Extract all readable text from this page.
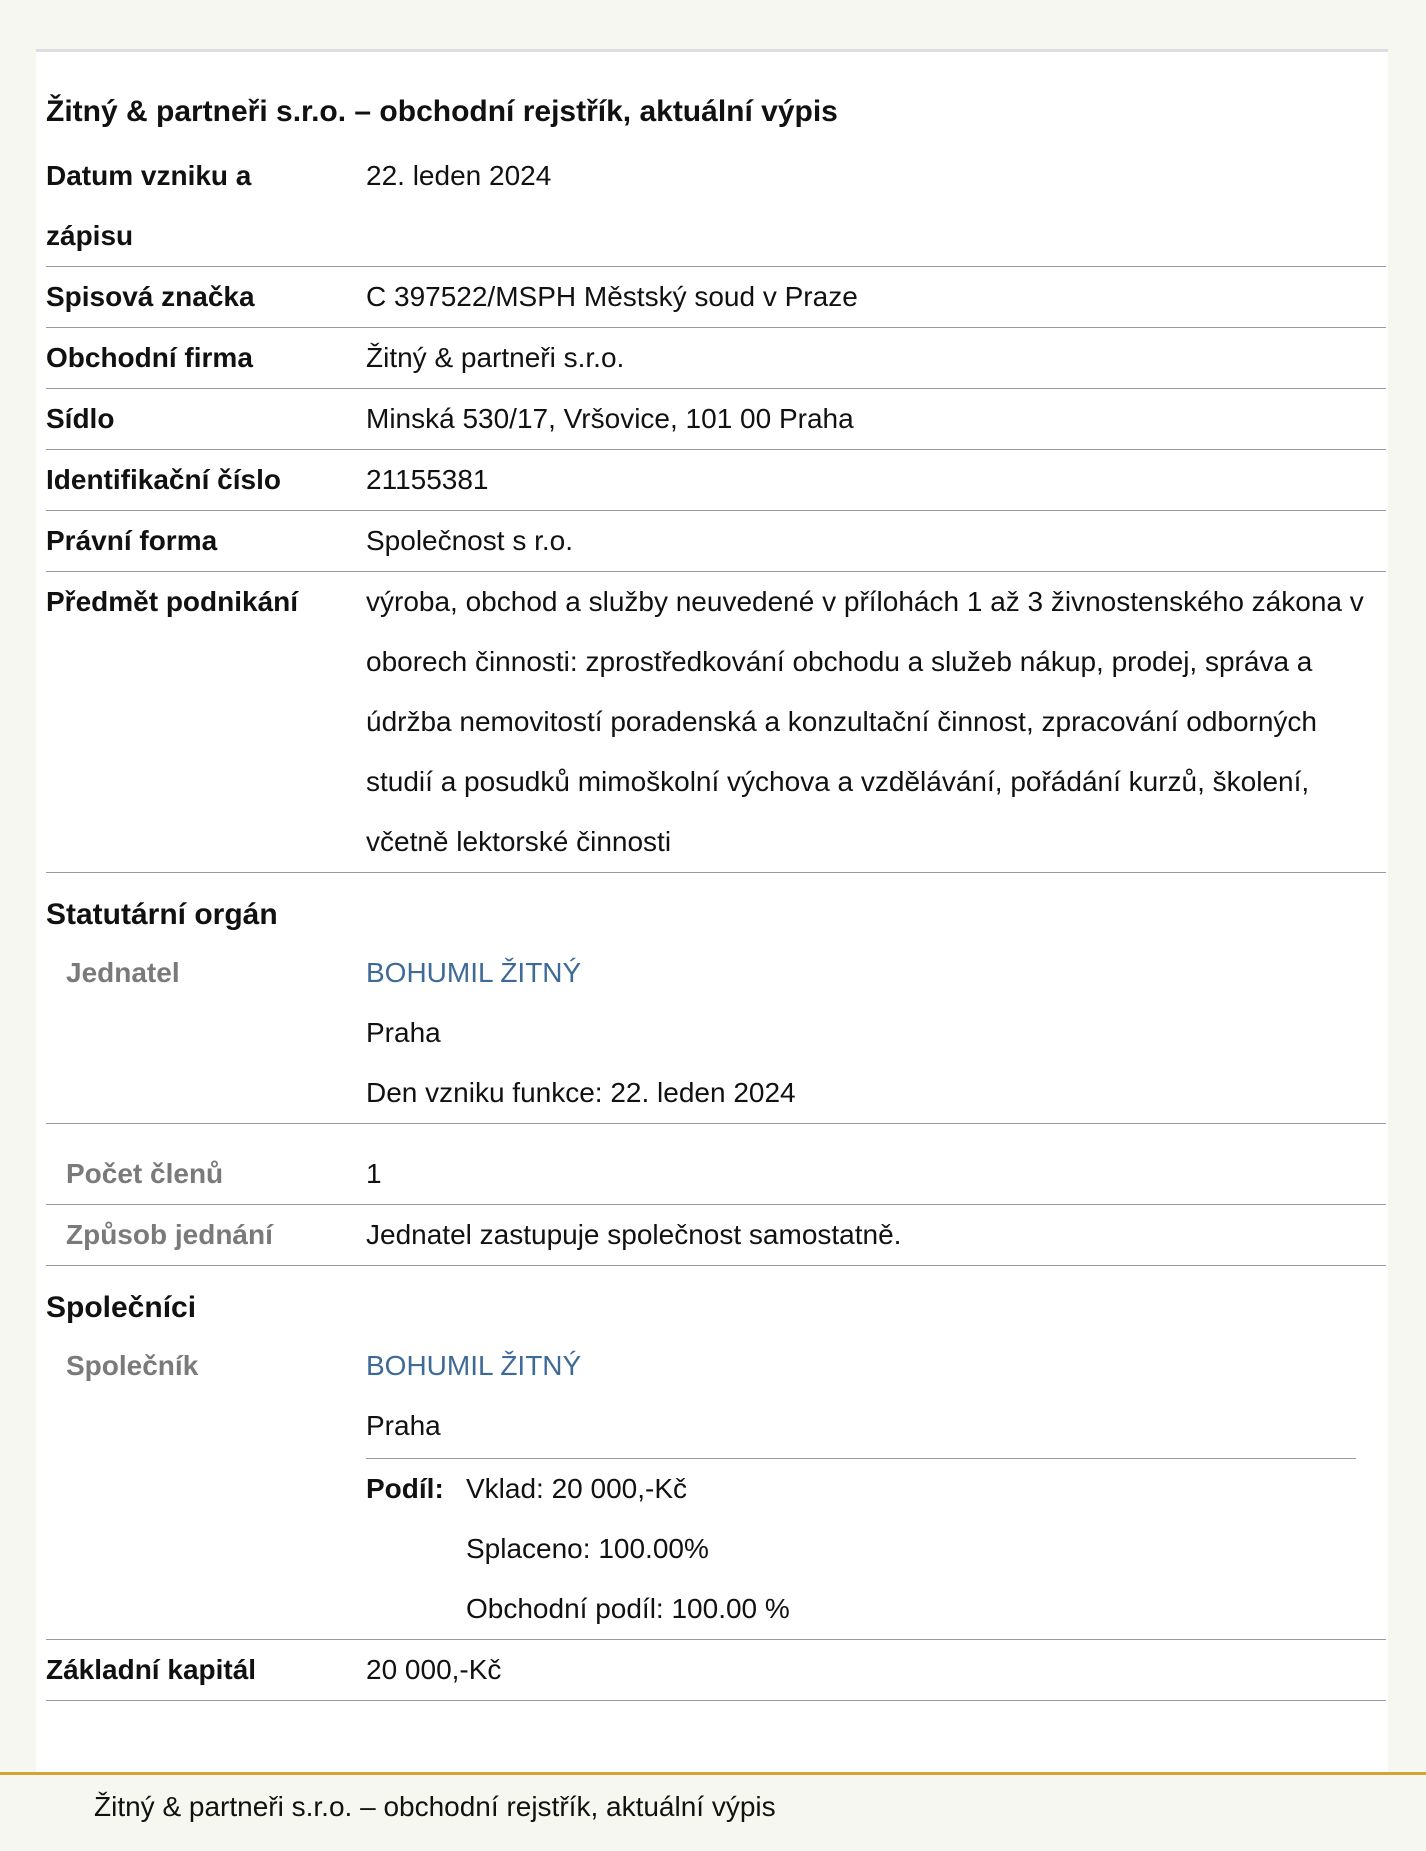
Žitný & partneři s.r.o. – obchodní rejstřík, aktuální výpis
Datum vzniku a zápisu
22. leden 2024
Spisová značka	C 397522/MSPH Městský soud v Praze
Obchodní firma	Žitný & partneři s.r.o.
Sídlo	Minská 530/17, Vršovice, 101 00 Praha
Identifikační číslo	21155381
Právní forma	Společnost s r.o.
Předmět podnikání	výroba, obchod a služby neuvedené v přílohách 1 až 3 živnostenského zákona v oborech činnosti: zprostředkování obchodu a služeb nákup, prodej, správa a údržba nemovitostí poradenská a konzultační činnost, zpracování odborných studií a posudků mimoškolní výchova a vzdělávání, pořádání kurzů, školení, včetně lektorské činnosti
Statutární orgán
Jednatel	BOHUMIL ŽITNÝ
Praha
Den vzniku funkce: 22. leden 2024
Počet členů	1
Způsob jednání	Jednatel zastupuje společnost samostatně.
Společníci
Společník	BOHUMIL ŽITNÝ
Praha
Podíl: Vklad: 20 000,-Kč
Splaceno: 100.00%
Obchodní podíl: 100.00 %
Základní kapitál	20 000,-Kč
Žitný & partneři s.r.o. – obchodní rejstřík, aktuální výpis
